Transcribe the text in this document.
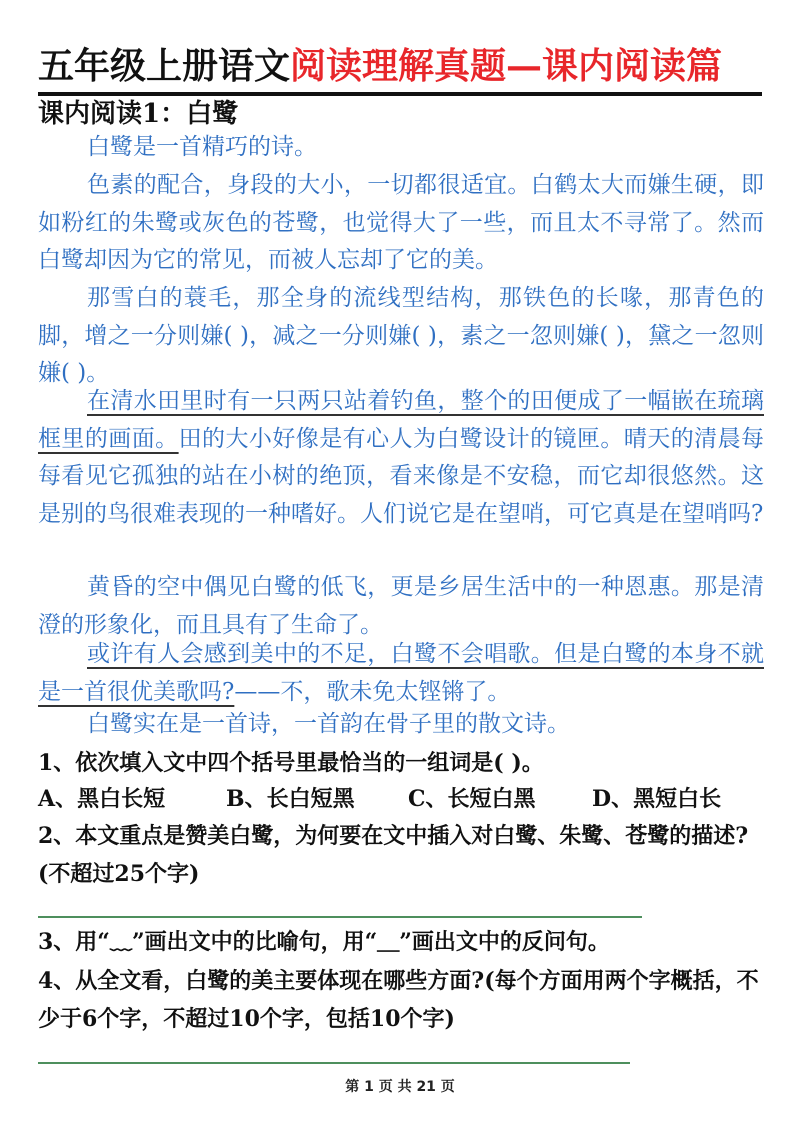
五年级上册语文阅读理解真题—课内阅读篇
课内阅读1：白鹭

白鹭是一首精巧的诗。

色素的配合，身段的大小，一切都很适宜。白鹤太大而嫌生硬，即如粉红的朱鹭或灰色的苍鹭，也觉得大了一些，而且太不寻常了。然而白鹭却因为它的常见，而被人忘却了它的美。

那雪白的蓑毛，那全身的流线型结构，那铁色的长喙，那青色的脚，增之一分则嫌( )，减之一分则嫌( )，素之一忽则嫌( )，黛之一忽则嫌( )。

在清水田里时有一只两只站着钓鱼，整个的田便成了一幅嵌在琉璃框里的画面。田的大小好像是有心人为白鹭设计的镜匣。晴天的清晨每每看见它孤独的站在小树的绝顶，看来像是不安稳，而它却很悠然。这是别的鸟很难表现的一种嗜好。人们说它是在望哨，可它真是在望哨吗?

黄昏的空中偶见白鹭的低飞，更是乡居生活中的一种恩惠。那是清澄的形象化，而且具有了生命了。

或许有人会感到美中的不足，白鹭不会唱歌。但是白鹭的本身不就是一首很优美歌吗?——不，歌未免太铿锵了。

白鹭实在是一首诗，一首韵在骨子里的散文诗。

1、依次填入文中四个括号里最恰当的一组词是( )。

A、黑白长短	B、长白短黑 C、长短白黑	D、黑短白长

2、本文重点是赞美白鹭，为何要在文中插入对白鹭、朱鹭、苍鹭的描述?(不超过25个字)

3、用“﹏”画出文中的比喻句，用“＿”画出文中的反问句。

4、从全文看，白鹭的美主要体现在哪些方面?(每个方面用两个字概括，不少于6个字，不超过10个字，包括10个字)

第 1 页 共 21 页
